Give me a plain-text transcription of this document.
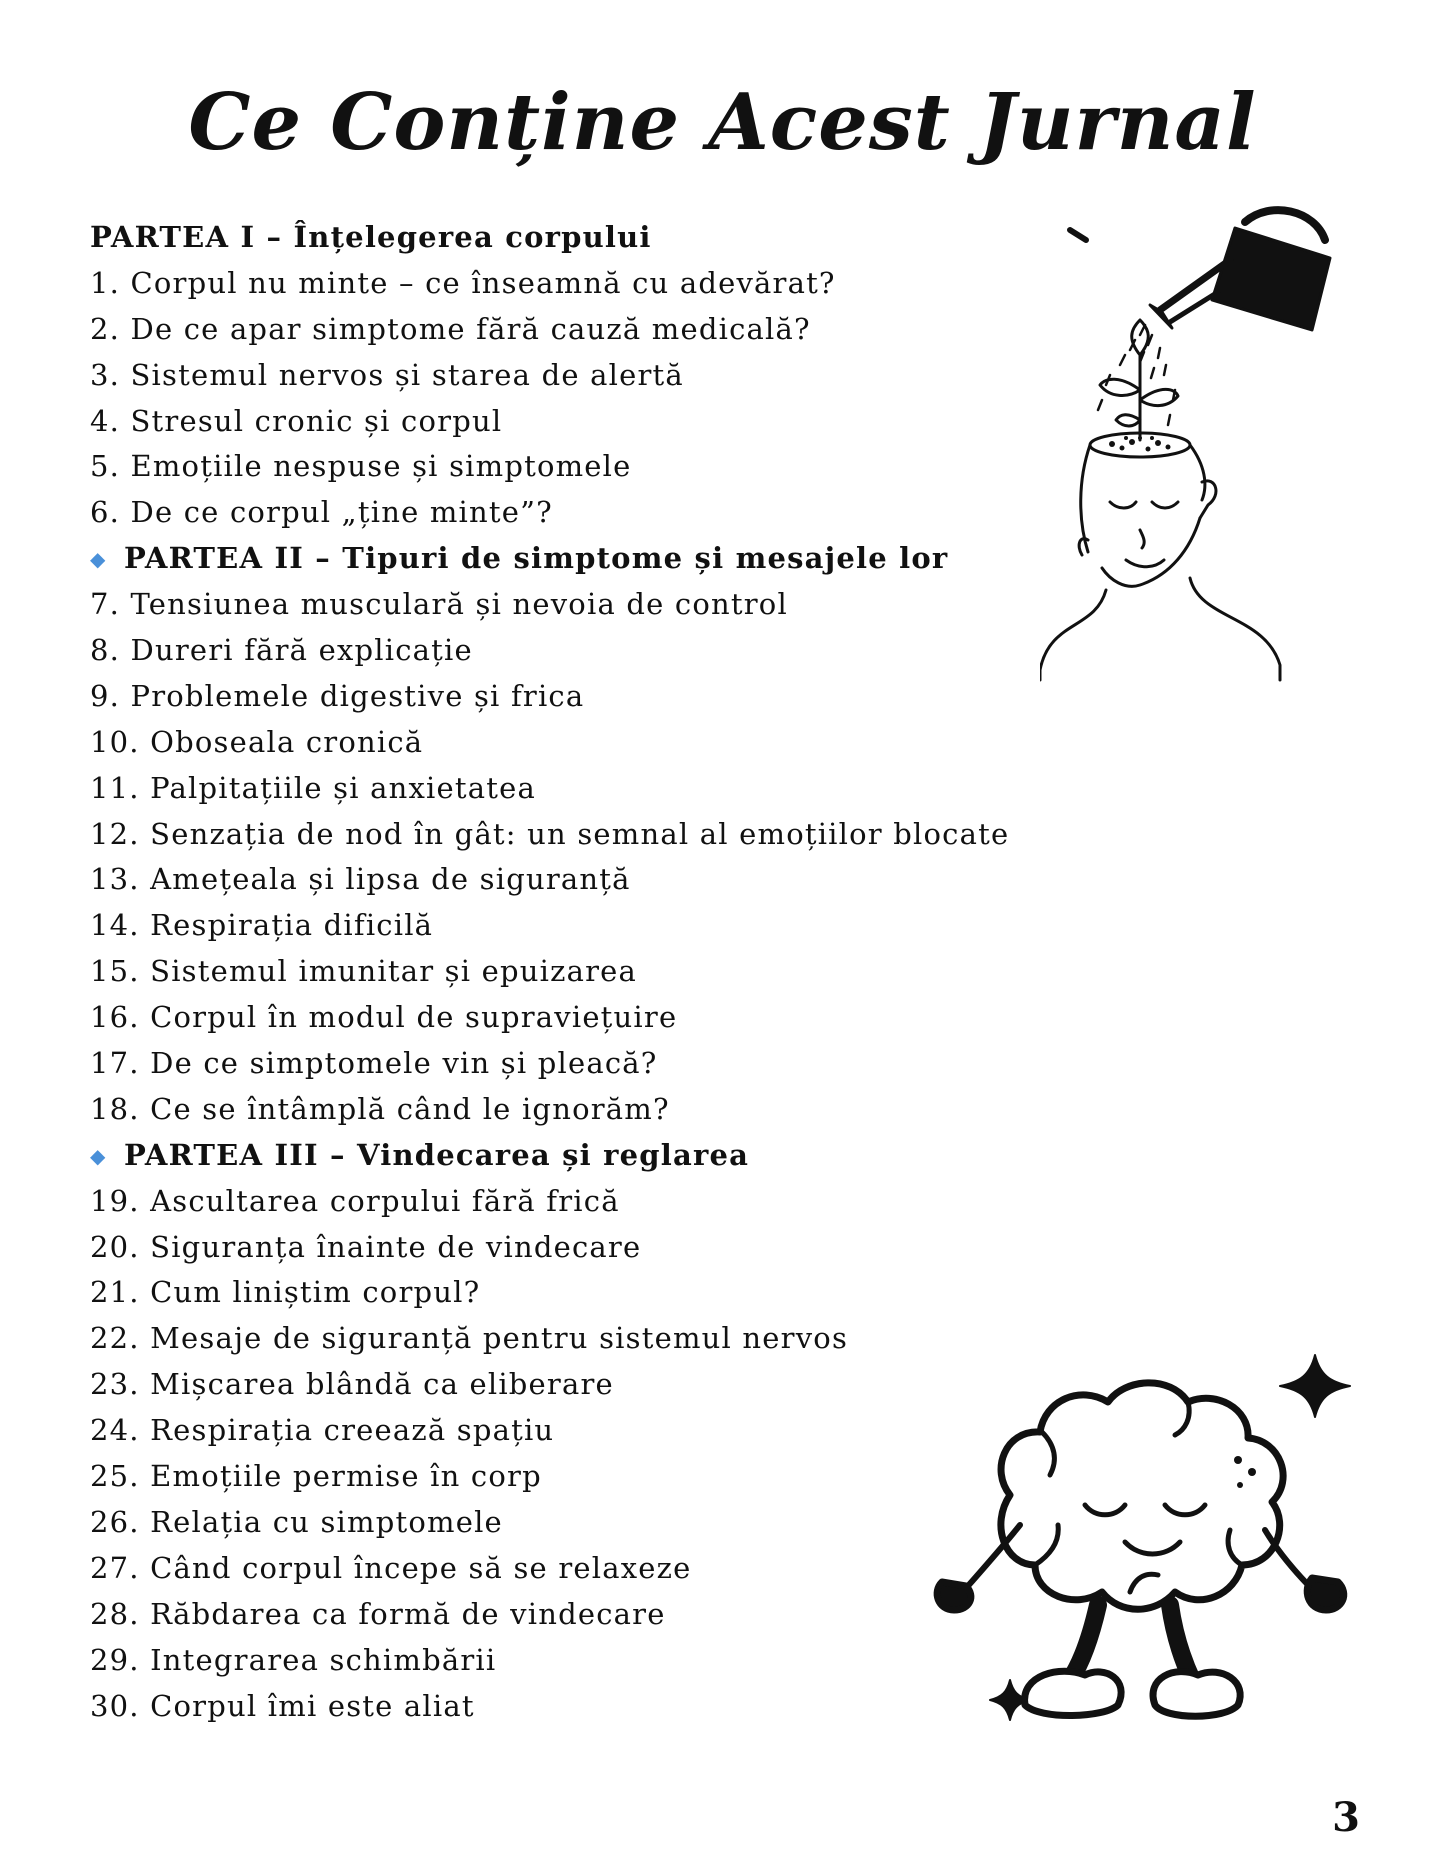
Ce Conține Acest Jurnal
PARTEA I – Înțelegerea corpului
1. Corpul nu minte – ce înseamnă cu adevărat?
2. De ce apar simptome fără cauză medicală?
3. Sistemul nervos și starea de alertă
4. Stresul cronic și corpul
5. Emoțiile nespuse și simptomele
6. De ce corpul „ține minte”?
◆ PARTEA II – Tipuri de simptome și mesajele lor
7. Tensiunea musculară și nevoia de control
8. Dureri fără explicație
9. Problemele digestive și frica
10. Oboseala cronică
11. Palpitațiile și anxietatea
12. Senzația de nod în gât: un semnal al emoțiilor blocate
13. Amețeala și lipsa de siguranță
14. Respirația dificilă
15. Sistemul imunitar și epuizarea
16. Corpul în modul de supraviețuire
17. De ce simptomele vin și pleacă?
18. Ce se întâmplă când le ignorăm?
◆ PARTEA III – Vindecarea și reglarea
19. Ascultarea corpului fără frică
20. Siguranța înainte de vindecare
21. Cum liniștim corpul?
22. Mesaje de siguranță pentru sistemul nervos
23. Mișcarea blândă ca eliberare
24. Respirația creează spațiu
25. Emoțiile permise în corp
26. Relația cu simptomele
27. Când corpul începe să se relaxeze
28. Răbdarea ca formă de vindecare
29. Integrarea schimbării
30. Corpul îmi este aliat
3
